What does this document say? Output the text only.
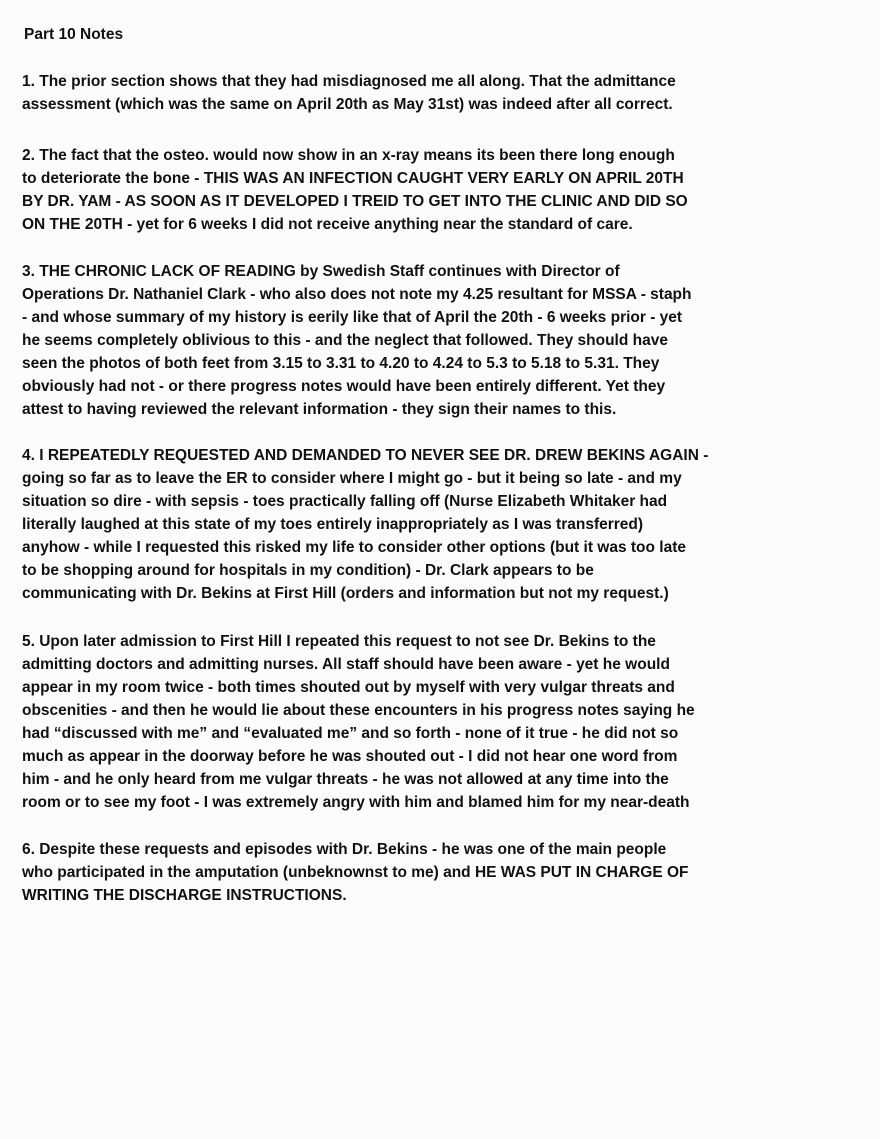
Part 10 Notes

1. The prior section shows that they had misdiagnosed me all along. That the admittance
assessment (which was the same on April 20th as May 31st) was indeed after all correct.

2. The fact that the osteo. would now show in an x-ray means its been there long enough
to deteriorate the bone - THIS WAS AN INFECTION CAUGHT VERY EARLY ON APRIL 20TH
BY DR. YAM - AS SOON AS IT DEVELOPED I TREID TO GET INTO THE CLINIC AND DID SO
ON THE 20TH - yet for 6 weeks I did not receive anything near the standard of care.

3. THE CHRONIC LACK OF READING by Swedish Staff continues with Director of
Operations Dr. Nathaniel Clark - who also does not note my 4.25 resultant for MSSA - staph
- and whose summary of my history is eerily like that of April the 20th - 6 weeks prior - yet
he seems completely oblivious to this - and the neglect that followed. They should have
seen the photos of both feet from 3.15 to 3.31 to 4.20 to 4.24 to 5.3 to 5.18 to 5.31. They
obviously had not - or there progress notes would have been entirely different. Yet they
attest to having reviewed the relevant information - they sign their names to this.

4. I REPEATEDLY REQUESTED AND DEMANDED TO NEVER SEE DR. DREW BEKINS AGAIN -
going so far as to leave the ER to consider where I might go - but it being so late - and my
situation so dire - with sepsis - toes practically falling off (Nurse Elizabeth Whitaker had
literally laughed at this state of my toes entirely inappropriately as I was transferred)
anyhow - while I requested this risked my life to consider other options (but it was too late
to be shopping around for hospitals in my condition) - Dr. Clark appears to be
communicating with Dr. Bekins at First Hill (orders and information but not my request.)

5. Upon later admission to First Hill I repeated this request to not see Dr. Bekins to the
admitting doctors and admitting nurses. All staff should have been aware - yet he would
appear in my room twice - both times shouted out by myself with very vulgar threats and
obscenities - and then he would lie about these encounters in his progress notes saying he
had “discussed with me” and “evaluated me” and so forth - none of it true - he did not so
much as appear in the doorway before he was shouted out - I did not hear one word from
him - and he only heard from me vulgar threats - he was not allowed at any time into the
room or to see my foot - I was extremely angry with him and blamed him for my near-death

6. Despite these requests and episodes with Dr. Bekins - he was one of the main people
who participated in the amputation (unbeknownst to me) and HE WAS PUT IN CHARGE OF
WRITING THE DISCHARGE INSTRUCTIONS.
